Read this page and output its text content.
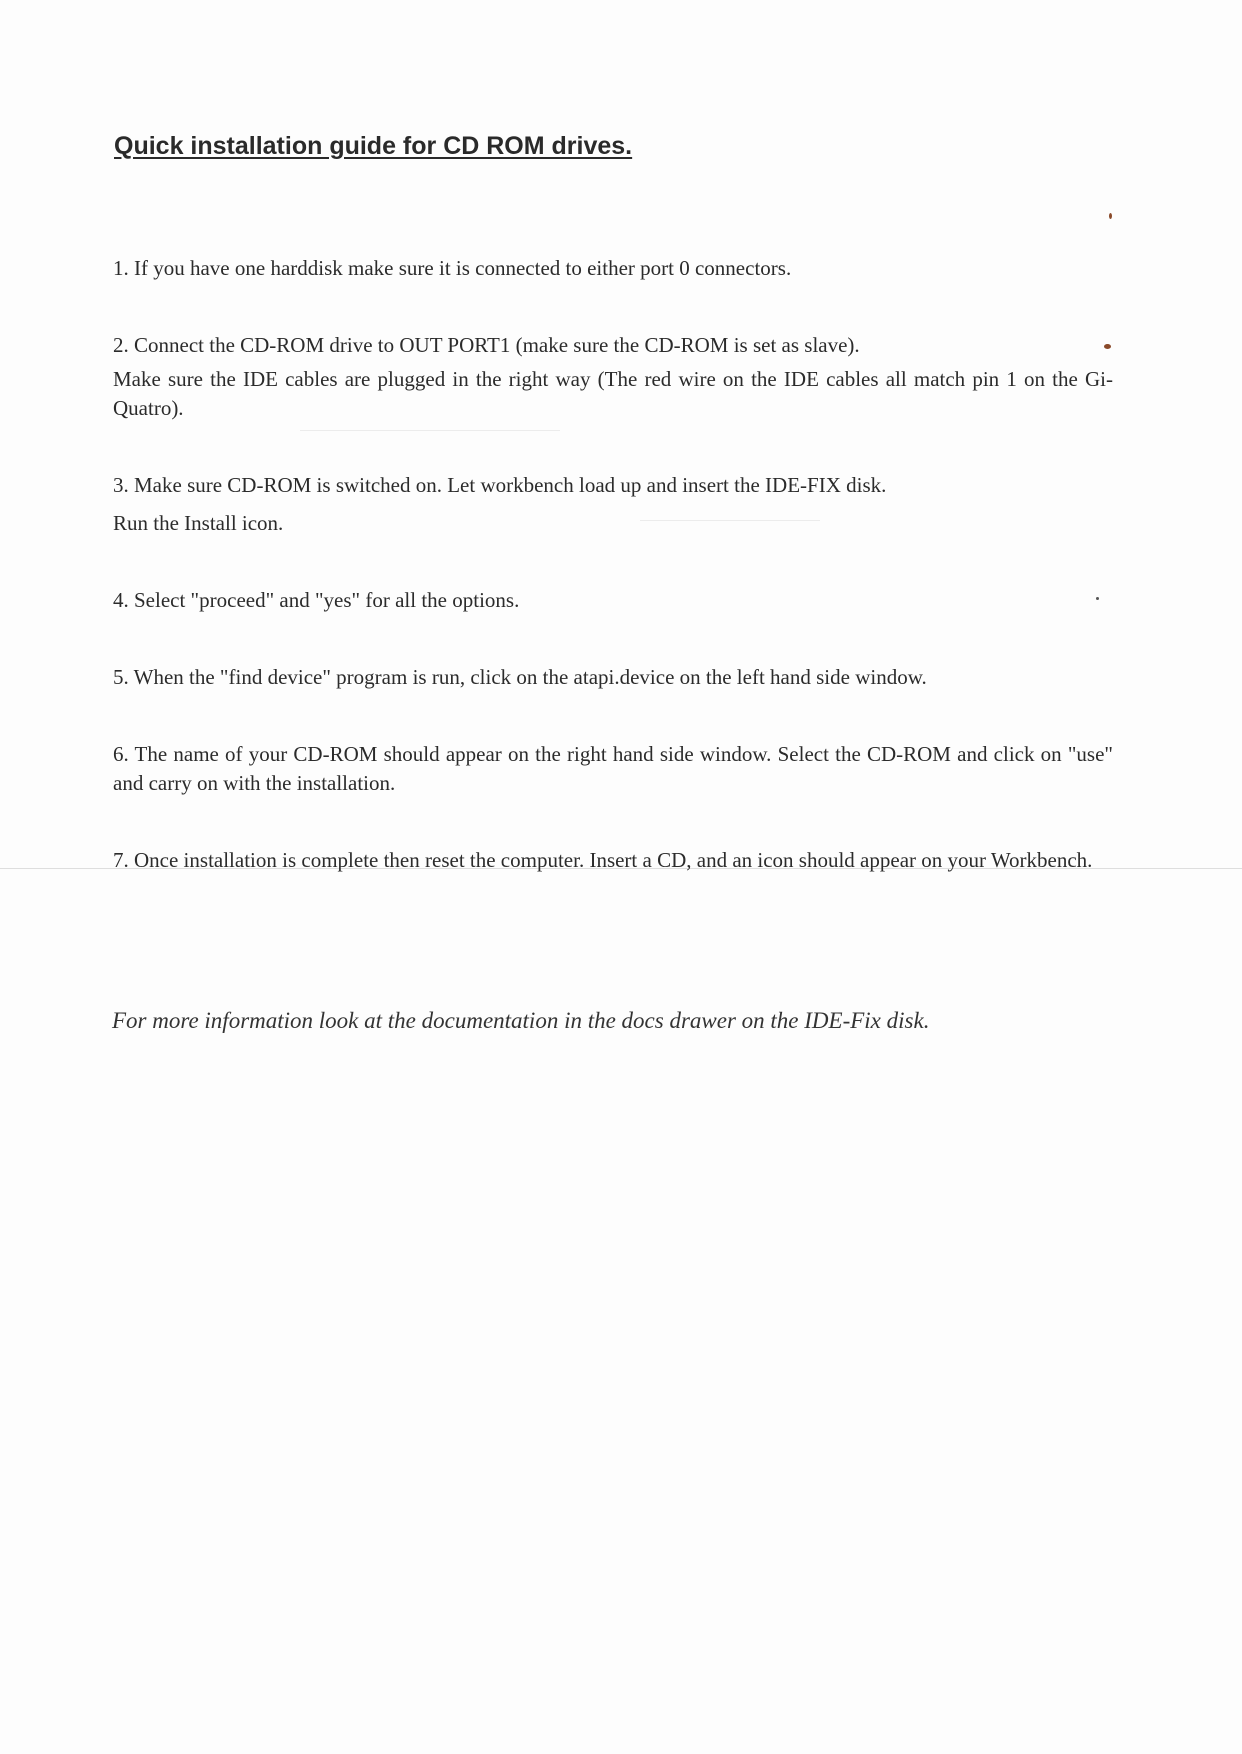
Quick installation guide for CD ROM drives.

1. If you have one harddisk make sure it is connected to either port 0 connectors.

2. Connect the CD-ROM drive to OUT PORT1 (make sure the CD-ROM is set as slave).

Make sure the IDE cables are plugged in the right way (The red wire on the IDE cables all match pin 1 on the Gi-Quatro).

3. Make sure CD-ROM is switched on. Let workbench load up and insert the IDE-FIX disk.

Run the Install icon.

4. Select "proceed" and "yes" for all the options.

5. When the "find device" program is run, click on the atapi.device on the left hand side window.

6. The name of your CD-ROM should appear on the right hand side window. Select the CD-ROM and click on "use" and carry on with the installation.

7. Once installation is complete then reset the computer. Insert a CD, and an icon should appear on your Workbench.

For more information look at the documentation in the docs drawer on the IDE-Fix disk.
